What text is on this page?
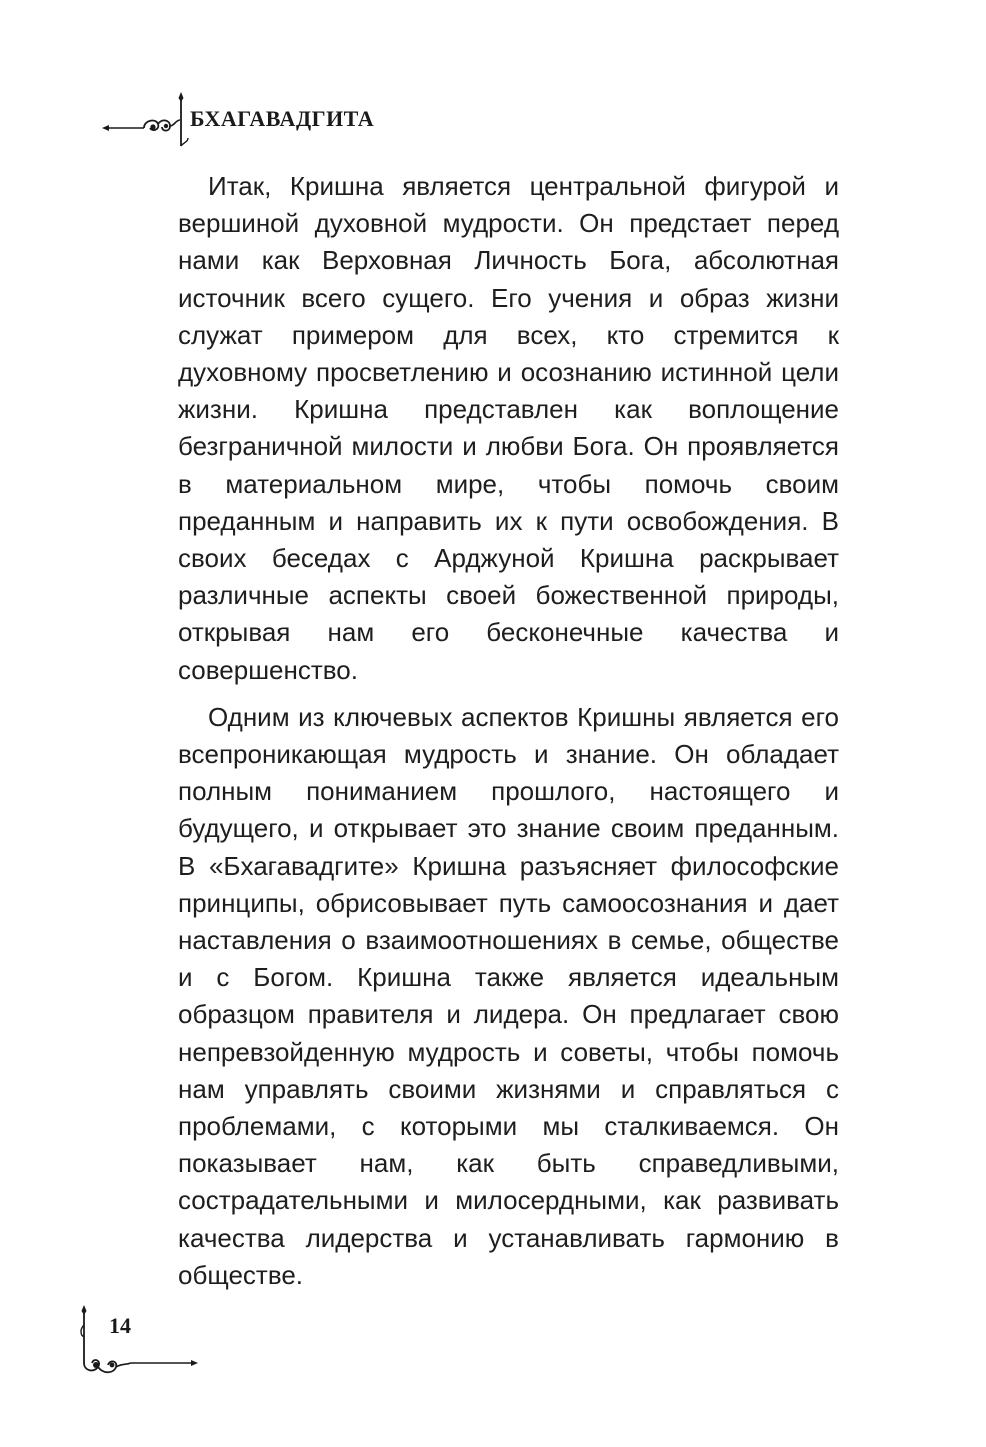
БХАГАВАДГИТА

Итак, Кришна является центральной фигурой и вершиной духовной мудрости. Он предстает перед нами как Верховная Личность Бога, абсолютная источник всего сущего. Его учения и образ жизни служат примером для всех, кто стремится к духовному просветлению и осознанию истинной цели жизни. Кришна представлен как воплощение безграничной милости и любви Бога. Он проявляется в материальном мире, чтобы помочь своим преданным и направить их к пути освобождения. В своих беседах с Арджуной Кришна раскрывает различные аспекты своей божественной природы, открывая нам его бесконечные качества и совершенство.

Одним из ключевых аспектов Кришны является его всепроникающая мудрость и знание. Он обладает полным пониманием прошлого, настоящего и будущего, и открывает это знание своим преданным. В «Бхагавадгите» Кришна разъясняет философские принципы, обрисовывает путь самоосознания и дает наставления о взаимоотношениях в семье, обществе и с Богом. Кришна также является идеальным образцом правителя и лидера. Он предлагает свою непревзойденную мудрость и советы, чтобы помочь нам управлять своими жизнями и справляться с проблемами, с которыми мы сталкиваемся. Он показывает нам, как быть справедливыми, сострадательными и милосердными, как развивать качества лидерства и устанавливать гармонию в обществе.

14
